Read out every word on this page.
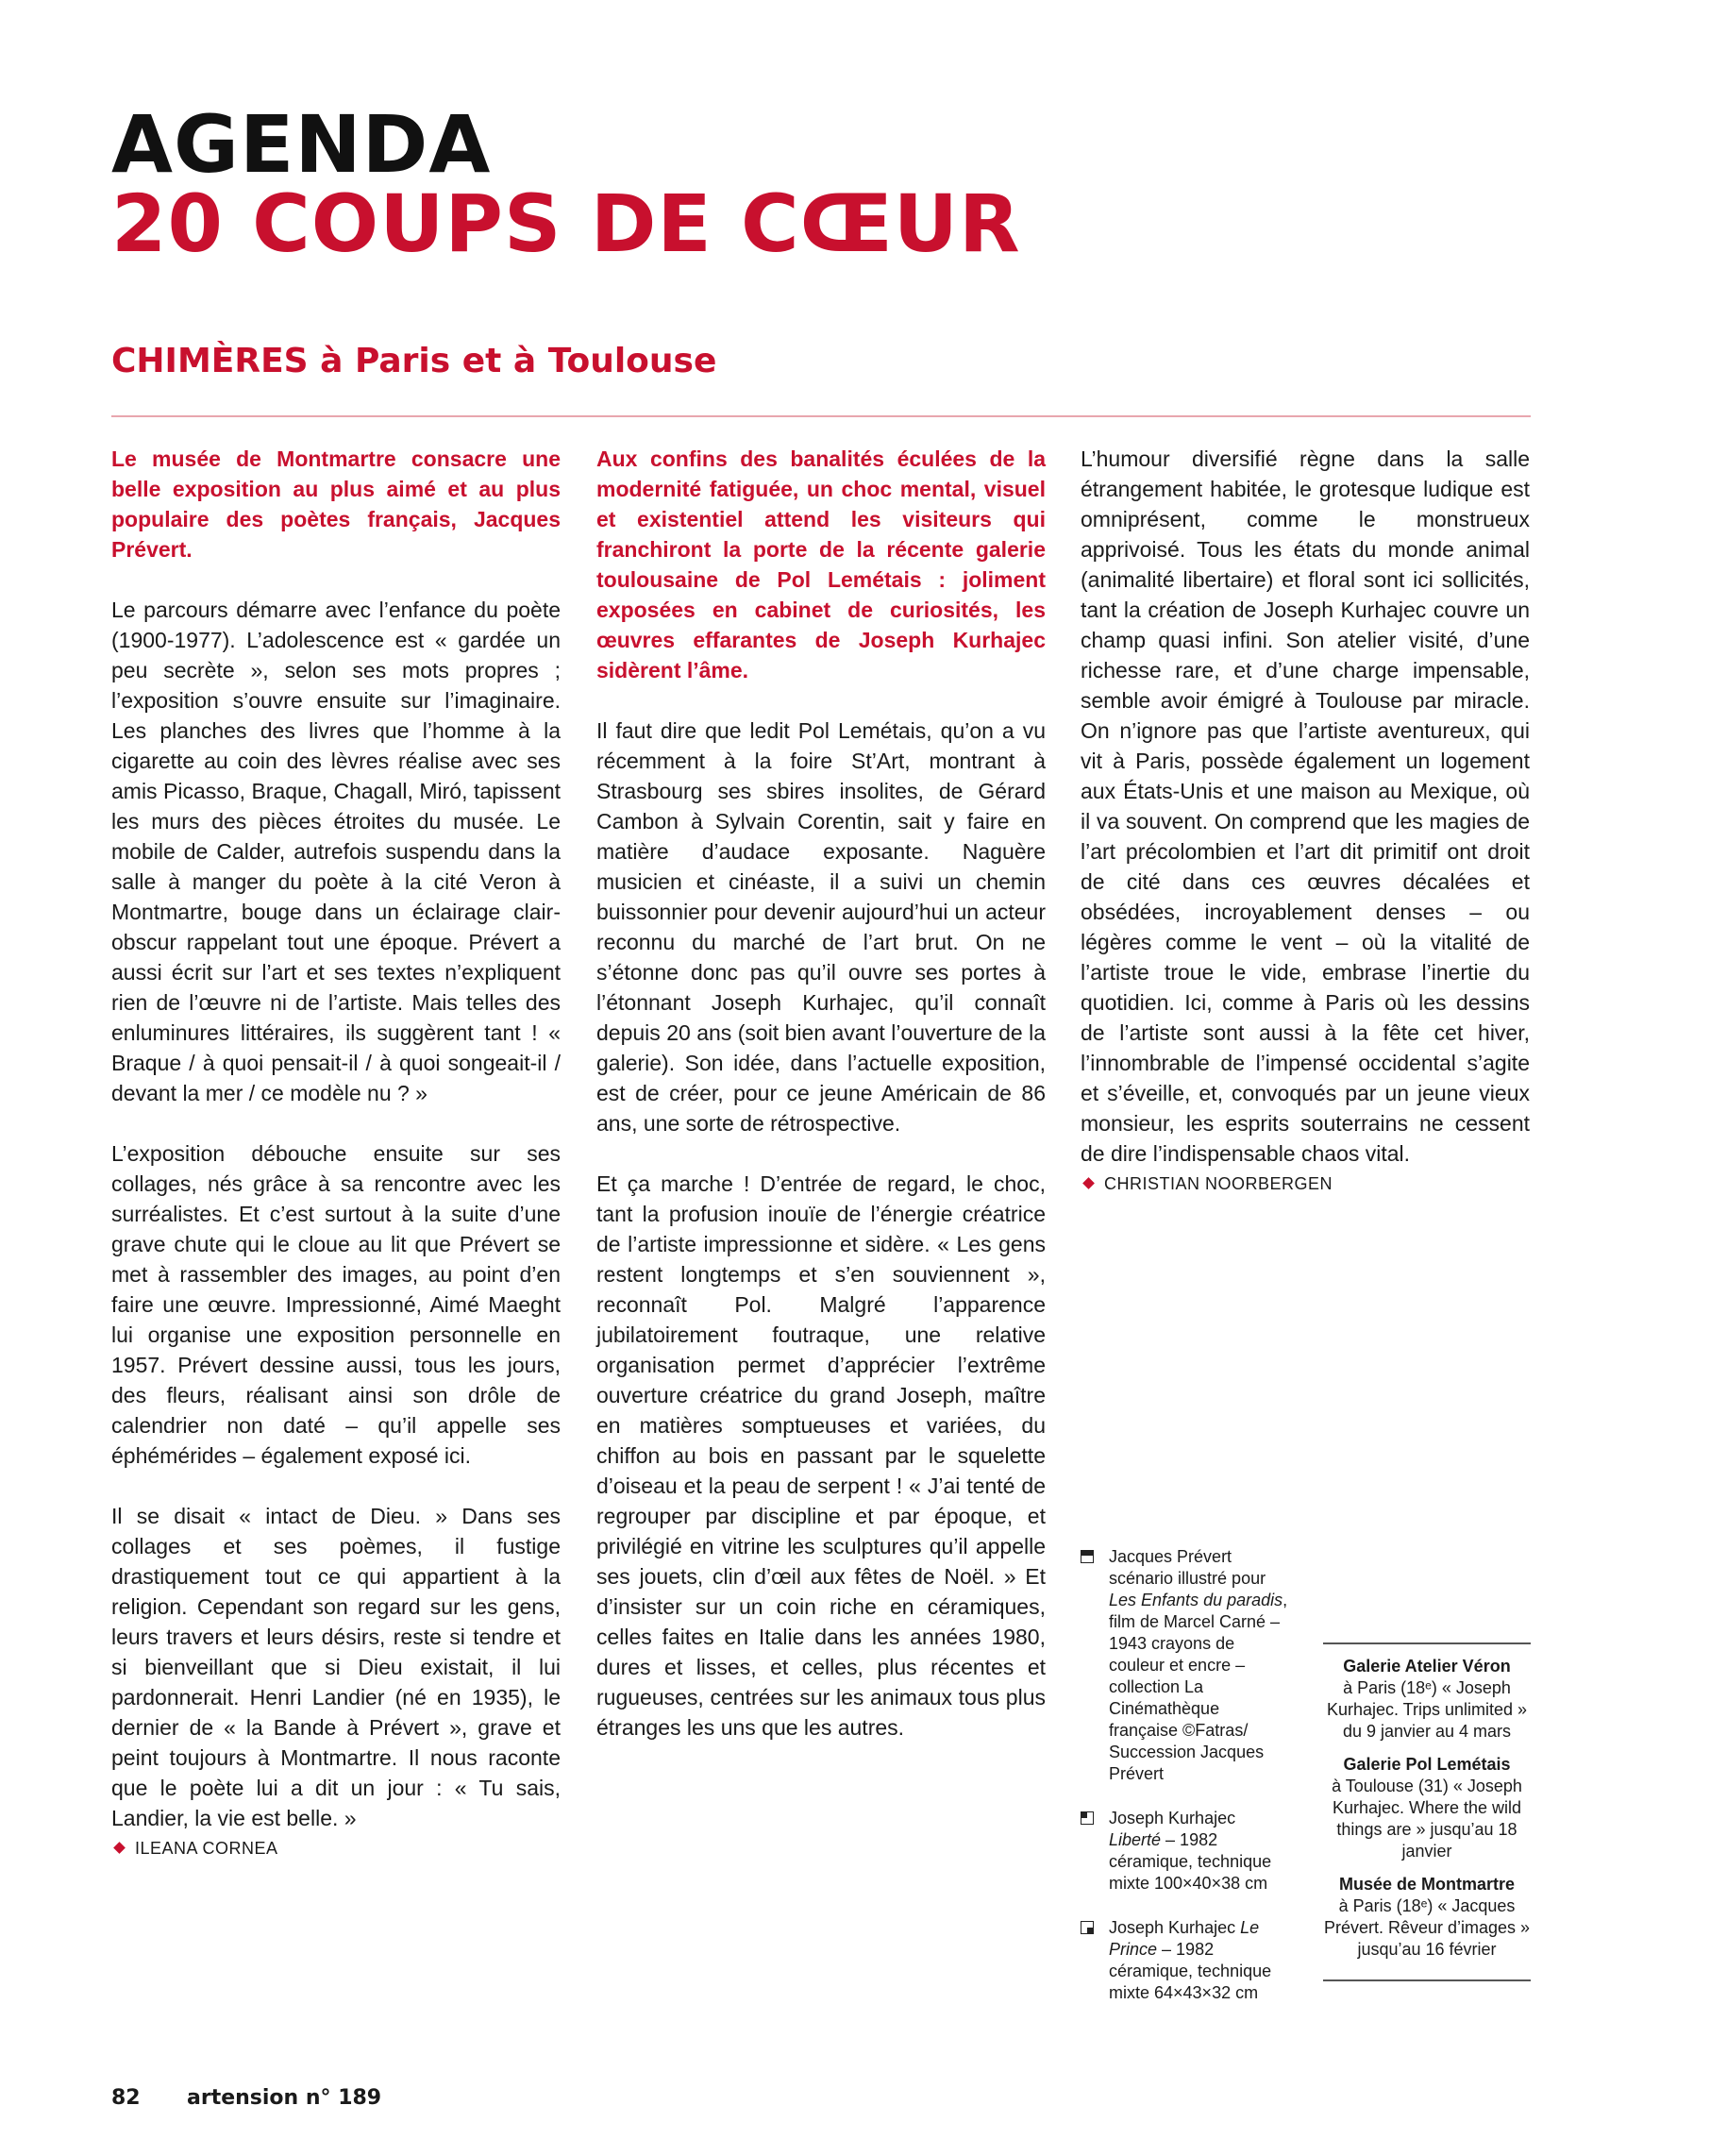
AGENDA
20 COUPS DE CŒUR
CHIMÈRES à Paris et à Toulouse

Le musée de Montmartre consacre une belle exposition au plus aimé et au plus populaire des poètes français, Jacques Prévert.

Le parcours démarre avec l’enfance du poète (1900-1977). L’adolescence est « gardée un peu secrète », selon ses mots propres ; l’exposition s’ouvre ensuite sur l’imaginaire. Les planches des livres que l’homme à la cigarette au coin des lèvres réalise avec ses amis Picasso, Braque, Chagall, Miró, tapissent les murs des pièces étroites du musée. Le mobile de Calder, autrefois suspendu dans la salle à manger du poète à la cité Veron à Montmartre, bouge dans un éclairage clair-obscur rappelant tout une époque. Prévert a aussi écrit sur l’art et ses textes n’expliquent rien de l’œuvre ni de l’artiste. Mais telles des enluminures littéraires, ils suggèrent tant ! « Braque / à quoi pensait-il / à quoi songeait-il / devant la mer / ce modèle nu ? »

L’exposition débouche ensuite sur ses collages, nés grâce à sa rencontre avec les surréalistes. Et c’est surtout à la suite d’une grave chute qui le cloue au lit que Prévert se met à rassembler des images, au point d’en faire une œuvre. Impressionné, Aimé Maeght lui organise une exposition personnelle en 1957. Prévert dessine aussi, tous les jours, des fleurs, réalisant ainsi son drôle de calendrier non daté – qu’il appelle ses éphémérides – également exposé ici.

Il se disait « intact de Dieu. » Dans ses collages et ses poèmes, il fustige drastiquement tout ce qui appartient à la religion. Cependant son regard sur les gens, leurs travers et leurs désirs, reste si tendre et si bienveillant que si Dieu existait, il lui pardonnerait. Henri Landier (né en 1935), le dernier de « la Bande à Prévert », grave et peint toujours à Montmartre. Il nous raconte que le poète lui a dit un jour : « Tu sais, Landier, la vie est belle. »

ILEANA CORNEA

Aux confins des banalités éculées de la modernité fatiguée, un choc mental, visuel et existentiel attend les visiteurs qui franchiront la porte de la récente galerie toulousaine de Pol Lemétais : joliment exposées en cabinet de curiosités, les œuvres effarantes de Joseph Kurhajec sidèrent l’âme.

Il faut dire que ledit Pol Lemétais, qu’on a vu récemment à la foire St’Art, montrant à Strasbourg ses sbires insolites, de Gérard Cambon à Sylvain Corentin, sait y faire en matière d’audace exposante. Naguère musicien et cinéaste, il a suivi un chemin buissonnier pour devenir aujourd’hui un acteur reconnu du marché de l’art brut. On ne s’étonne donc pas qu’il ouvre ses portes à l’étonnant Joseph Kurhajec, qu’il connaît depuis 20 ans (soit bien avant l’ouverture de la galerie). Son idée, dans l’actuelle exposition, est de créer, pour ce jeune Américain de 86 ans, une sorte de rétrospective.

Et ça marche ! D’entrée de regard, le choc, tant la profusion inouïe de l’énergie créatrice de l’artiste impressionne et sidère. « Les gens restent longtemps et s’en souviennent », reconnaît Pol. Malgré l’apparence jubilatoirement foutraque, une relative organisation permet d’apprécier l’extrême ouverture créatrice du grand Joseph, maître en matières somptueuses et variées, du chiffon au bois en passant par le squelette d’oiseau et la peau de serpent ! « J’ai tenté de regrouper par discipline et par époque, et privilégié en vitrine les sculptures qu’il appelle ses jouets, clin d’œil aux fêtes de Noël. » Et d’insister sur un coin riche en céramiques, celles faites en Italie dans les années 1980, dures et lisses, et celles, plus récentes et rugueuses, centrées sur les animaux tous plus étranges les uns que les autres.

L’humour diversifié règne dans la salle étrangement habitée, le grotesque ludique est omniprésent, comme le monstrueux apprivoisé. Tous les états du monde animal (animalité libertaire) et floral sont ici sollicités, tant la création de Joseph Kurhajec couvre un champ quasi infini. Son atelier visité, d’une richesse rare, et d’une charge impensable, semble avoir émigré à Toulouse par miracle. On n’ignore pas que l’artiste aventureux, qui vit à Paris, possède également un logement aux États-Unis et une maison au Mexique, où il va souvent. On comprend que les magies de l’art précolombien et l’art dit primitif ont droit de cité dans ces œuvres décalées et obsédées, incroyablement denses – ou légères comme le vent – où la vitalité de l’artiste troue le vide, embrase l’inertie du quotidien. Ici, comme à Paris où les dessins de l’artiste sont aussi à la fête cet hiver, l’innombrable de l’impensé occidental s’agite et s’éveille, et, convoqués par un jeune vieux monsieur, les esprits souterrains ne cessent de dire l’indispensable chaos vital.

CHRISTIAN NOORBERGEN
Jacques Prévert scénario illustré pour Les Enfants du paradis, film de Marcel Carné – 1943 crayons de couleur et encre – collection La Cinémathèque française ©Fatras/ Succession Jacques Prévert
Joseph Kurhajec Liberté – 1982 céramique, technique mixte 100×40×38 cm
Joseph Kurhajec Le Prince – 1982 céramique, technique mixte 64×43×32 cm
Galerie Atelier Véron
à Paris (18ᵉ) « Joseph Kurhajec. Trips unlimited » du 9 janvier au 4 mars
Galerie Pol Lemétais
à Toulouse (31) « Joseph Kurhajec. Where the wild things are » jusqu’au 18 janvier
Musée de Montmartre
à Paris (18ᵉ) « Jacques Prévert. Rêveur d’images » jusqu’au 16 février
82 artension n° 189
